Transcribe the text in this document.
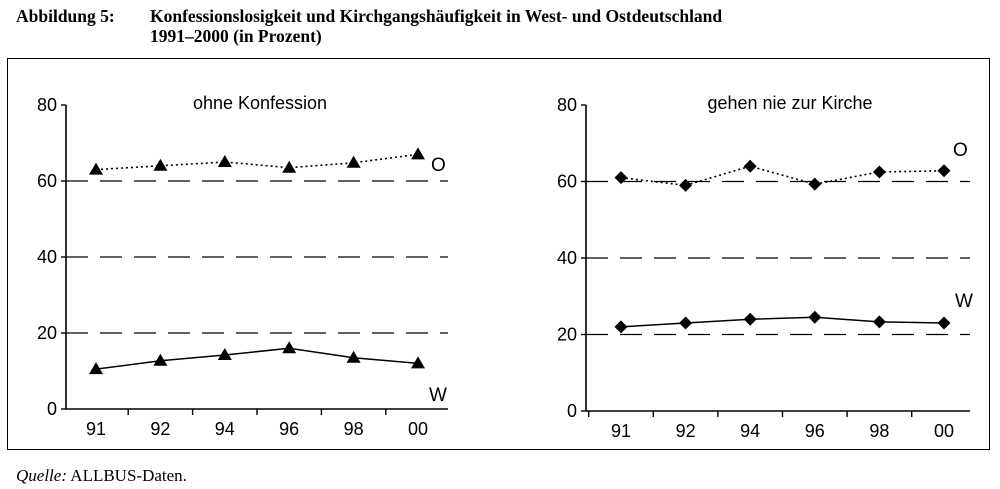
Abbildung 5: Konfessionslosigkeit und Kirchgangshäufigkeit in West- und Ostdeutschland
1991–2000 (in Prozent)
0
20
40
60
80
91 92 94 96 98 00
ohne Konfession
O
W
0
20
40
60
80
91 92 94 96 98 00
gehen nie zur Kirche
O
W
Quelle: ALLBUS-Daten.
